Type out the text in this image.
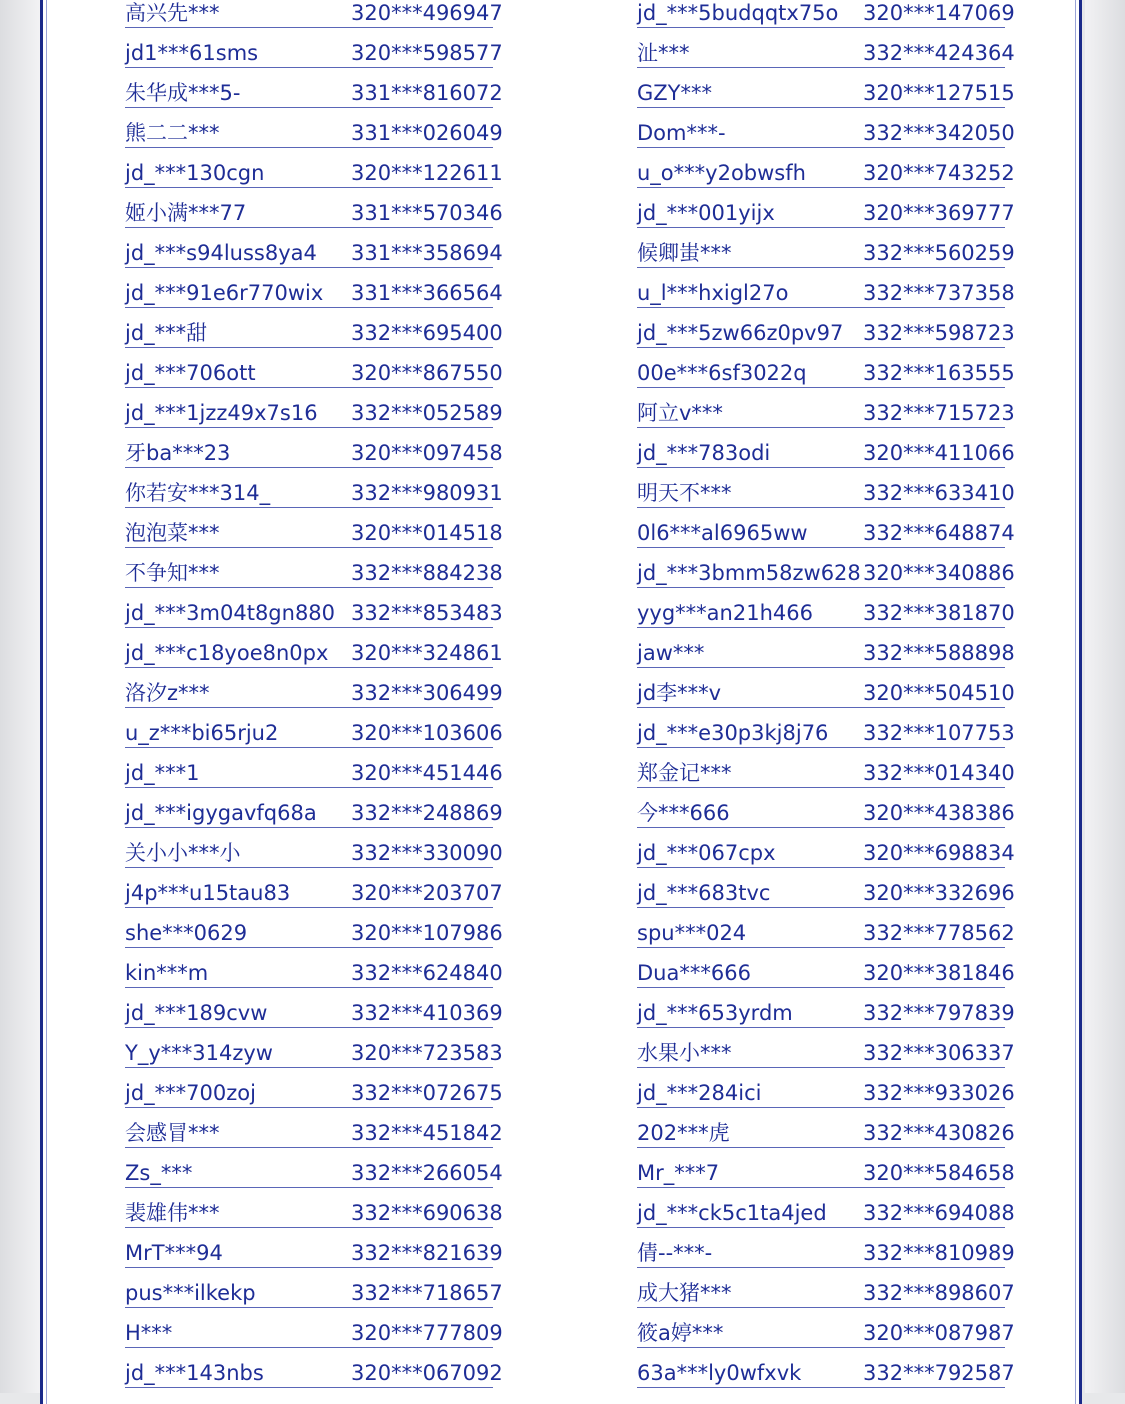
高兴先***	320***496947
jd1***61sms	320***598577
朱华成***5-	331***816072
熊二二***	331***026049
jd_***130cgn	320***122611
姬小满***77	331***570346
jd_***s94luss8ya4 331***358694
jd_***91e6r770wix 331***366564
jd_***甜	332***695400
jd_***706ott	320***867550
jd_***1jzz49x7s16 332***052589
牙ba***23	320***097458
你若安***314_	332***980931
泡泡菜***	320***014518
不争知***	332***884238
jd_***3m04t8gn880 332***853483
jd_***c18yoe8n0px 320***324861
洛汐z***	332***306499
u_z***bi65rju2	320***103606
jd_***1	320***451446
jd_***igygavfq68a 332***248869
关小小***小	332***330090
j4p***u15tau83	320***203707
she***0629	320***107986
kin***m	332***624840
jd_***189cvw	332***410369
Y_y***314zyw	320***723583
jd_***700zoj	332***072675
会感冒***	332***451842
Zs_***	332***266054
裴雄伟***	332***690638
MrT***94	332***821639
pus***ilkekp	332***718657
H***	320***777809
jd_***143nbs	320***067092
jd_***5budqqtx75o 320***147069
沚***	332***424364
GZY***	320***127515
Dom***-	332***342050
u_o***y2obwsfh	320***743252
jd_***001yijx	320***369777
候卿蚩***	332***560259
u_l***hxigl27o	332***737358
jd_***5zw66z0pv97 332***598723
00e***6sf3022q	332***163555
阿立v***	332***715723
jd_***783odi	320***411066
明天不***	332***633410
0l6***al6965ww	332***648874
jd_***3bmm58zw628 320***340886
yyg***an21h466 332***381870
jaw***	332***588898
jd李***v	320***504510
jd_***e30p3kj8j76 332***107753
郑金记***	332***014340
今***666	320***438386
jd_***067cpx	320***698834
jd_***683tvc	320***332696
spu***024	332***778562
Dua***666	320***381846
jd_***653yrdm	332***797839
水果小***	332***306337
jd_***284ici	332***933026
202***虎	332***430826
Mr_***7	320***584658
jd_***ck5c1ta4jed 332***694088
倩--***-	332***810989
成大猪***	332***898607
筱a婷***	320***087987
63a***ly0wfxvk	332***792587
